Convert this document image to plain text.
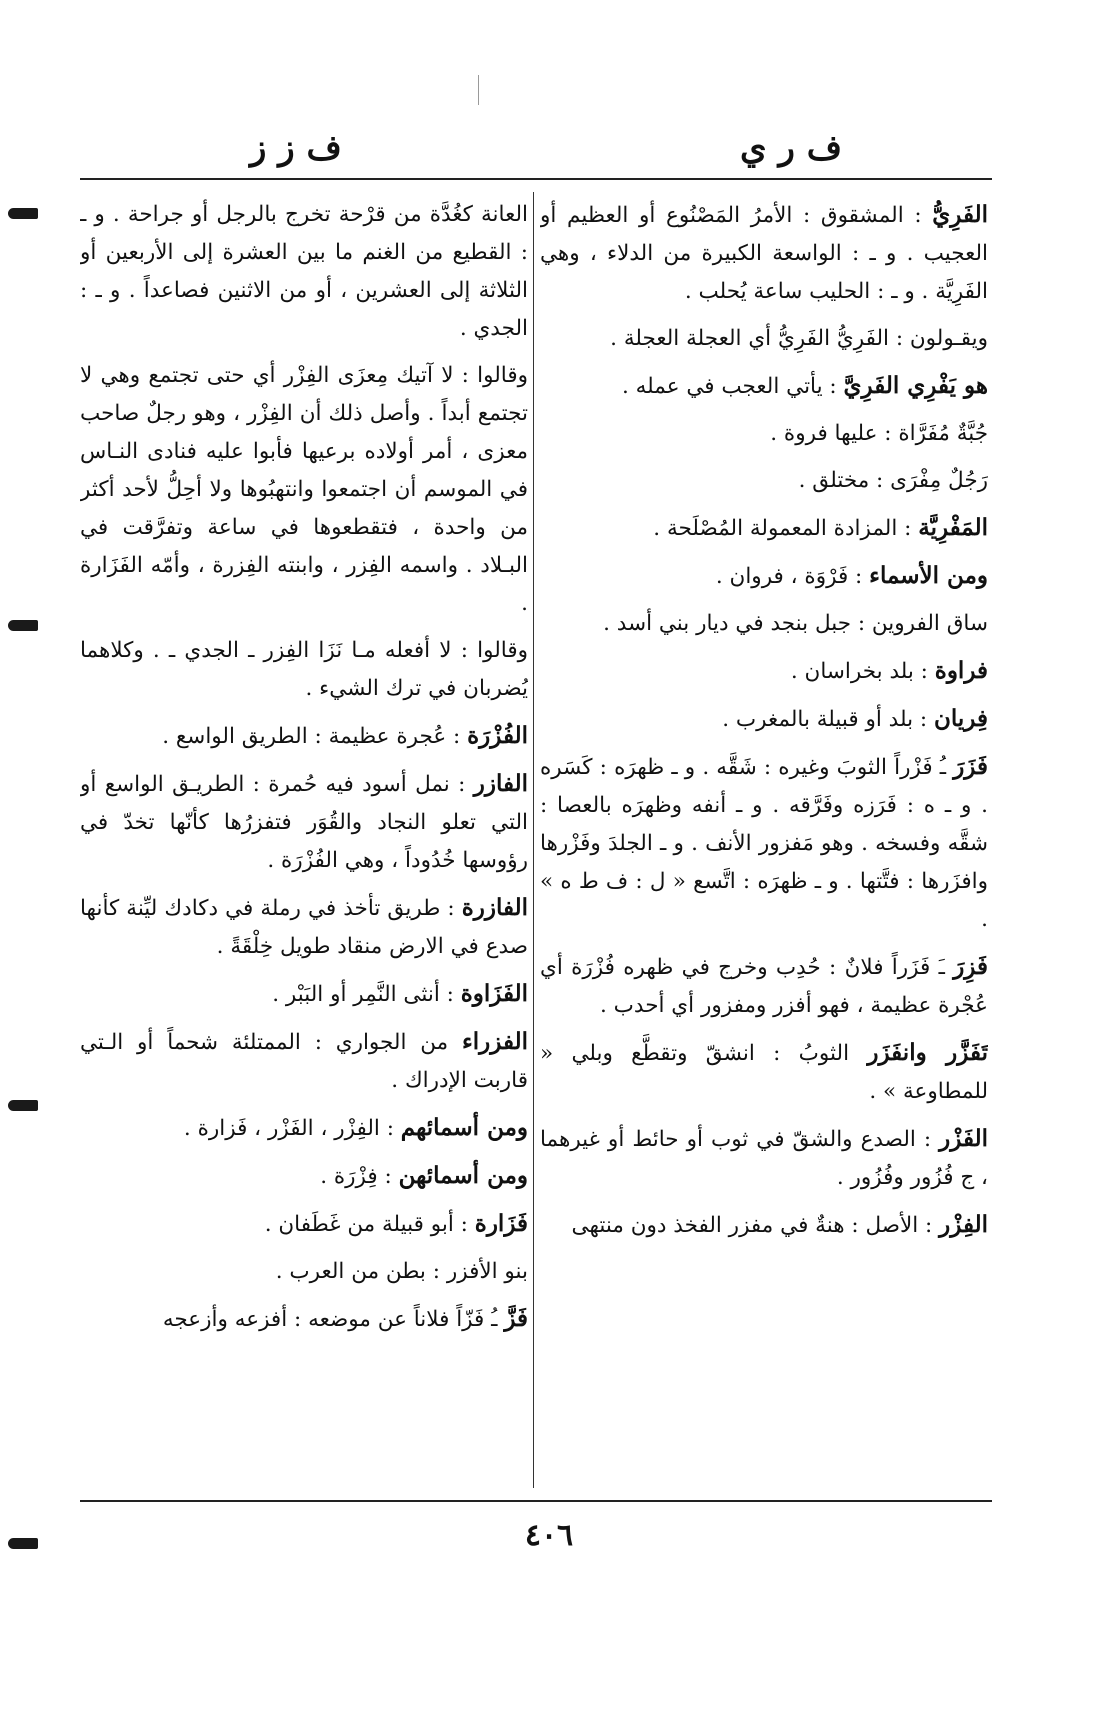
ف ر ي
ف ز ز

الفَرِيُّ : المشقوق : الأمرُ المَصْنُوع أو العظيم أو العجيب . و ـ : الواسعة الكبيرة من الدلاء ، وهي الفَرِيَّة . و ـ : الحليب ساعة يُحلب .

ويقـولون : الفَرِيُّ الفَرِيُّ أي العجلة العجلة .

هو يَفْرِي الفَرِيَّ : يأتي العجب في عمله .

جُبَّةٌ مُفَرَّاة : عليها فروة .

رَجُلٌ مِفْرَى : مختلق .

المَفْرِيَّة : المزادة المعمولة المُصْلَحة .

ومن الأسماء : فَرْوَة ، فروان .

ساق الفروين : جبل بنجد في ديار بني أسد .

فراوة : بلد بخراسان .

فِريان : بلد أو قبيلة بالمغرب .

فَزَرَ ـُ فَزْراً الثوبَ وغيره : شَقَّه . و ـ ظهرَه : كَسَره . و ـ ه : فَرَزه وفَرَّقه . و ـ أنفه وظهرَه بالعصا : شقَّه وفسخه . وهو مَفزور الأنف . و ـ الجلدَ وفَزْرها وافزَرها : فتَّتها . و ـ ظهرَه : اتَّسع « ل : ف ط ه » .

فَزِرَ ـَ فَزَراً فلانٌ : حُدِب وخرج في ظهره فُزْرَة أي عُجْرة عظيمة ، فهو أفزر ومفزور أي أحدب .

تَفَزَّر وانفَزَر الثوبُ : انشقّ وتقطَّع وبلي « للمطاوعة » .

الفَزْر : الصدع والشقّ في ثوب أو حائط أو غيرهما ، ج فُزُور وفُزُور .

الفِزْر : الأصل : هنةٌ في مفزر الفخذ دون منتهى

العانة كغُدَّة من قرْحة تخرج بالرجل أو جراحة . و ـ : القطيع من الغنم ما بين العشرة إلى الأربعين أو الثلاثة إلى العشرين ، أو من الاثنين فصاعداً . و ـ : الجدي .

وقالوا : لا آتيك مِعزَى الفِزْر أي حتى تجتمع وهي لا تجتمع أبداً . وأصل ذلك أن الفِزْر ، وهو رجلٌ صاحب معزى ، أمر أولاده برعيها فأبوا عليه فنادى النـاس في الموسم أن اجتمعوا وانتهبُوها ولا أحِلُّ لأحد أكثر من واحدة ، فتقطعوها في ساعة وتفرَّقت في البـلاد . واسمه الفِزر ، وابنته الفِزرة ، وأمّه الفَزَارة .

وقالوا : لا أفعله مـا نَزَا الفِزر ـ الجدي ـ . وكلاهما يُضربان في ترك الشيء .

الفُزْرَة : عُجرة عظيمة : الطريق الواسع .

الفازر : نمل أسود فيه حُمرة : الطريـق الواسع أو التي تعلو النجاد والقُوَر فتفزرُها كأنّها تخدّ في رؤوسها خُدُوداً ، وهي الفُزْرَة .

الفازرة : طريق تأخذ في رملة في دكادك ليِّنة كأنها صدع في الارض منقاد طويل خِلْقَةً .

الفَزَاوة : أنثى النَّمِر أو البَبْر .

الفزراء من الجواري : الممتلئة شحماً أو الـتي قاربت الإدراك .

ومن أسمائهم : الفِزْر ، الفَزْر ، فَزارة .

ومن أسمائهن : فِزْرَة .

فَزَارة : أبو قبيلة من غَطَفان .

بنو الأفزر : بطن من العرب .

فَزَّ ـُ فَزّاً فلاناً عن موضعه : أفزعه وأزعجه

٤٠٦
